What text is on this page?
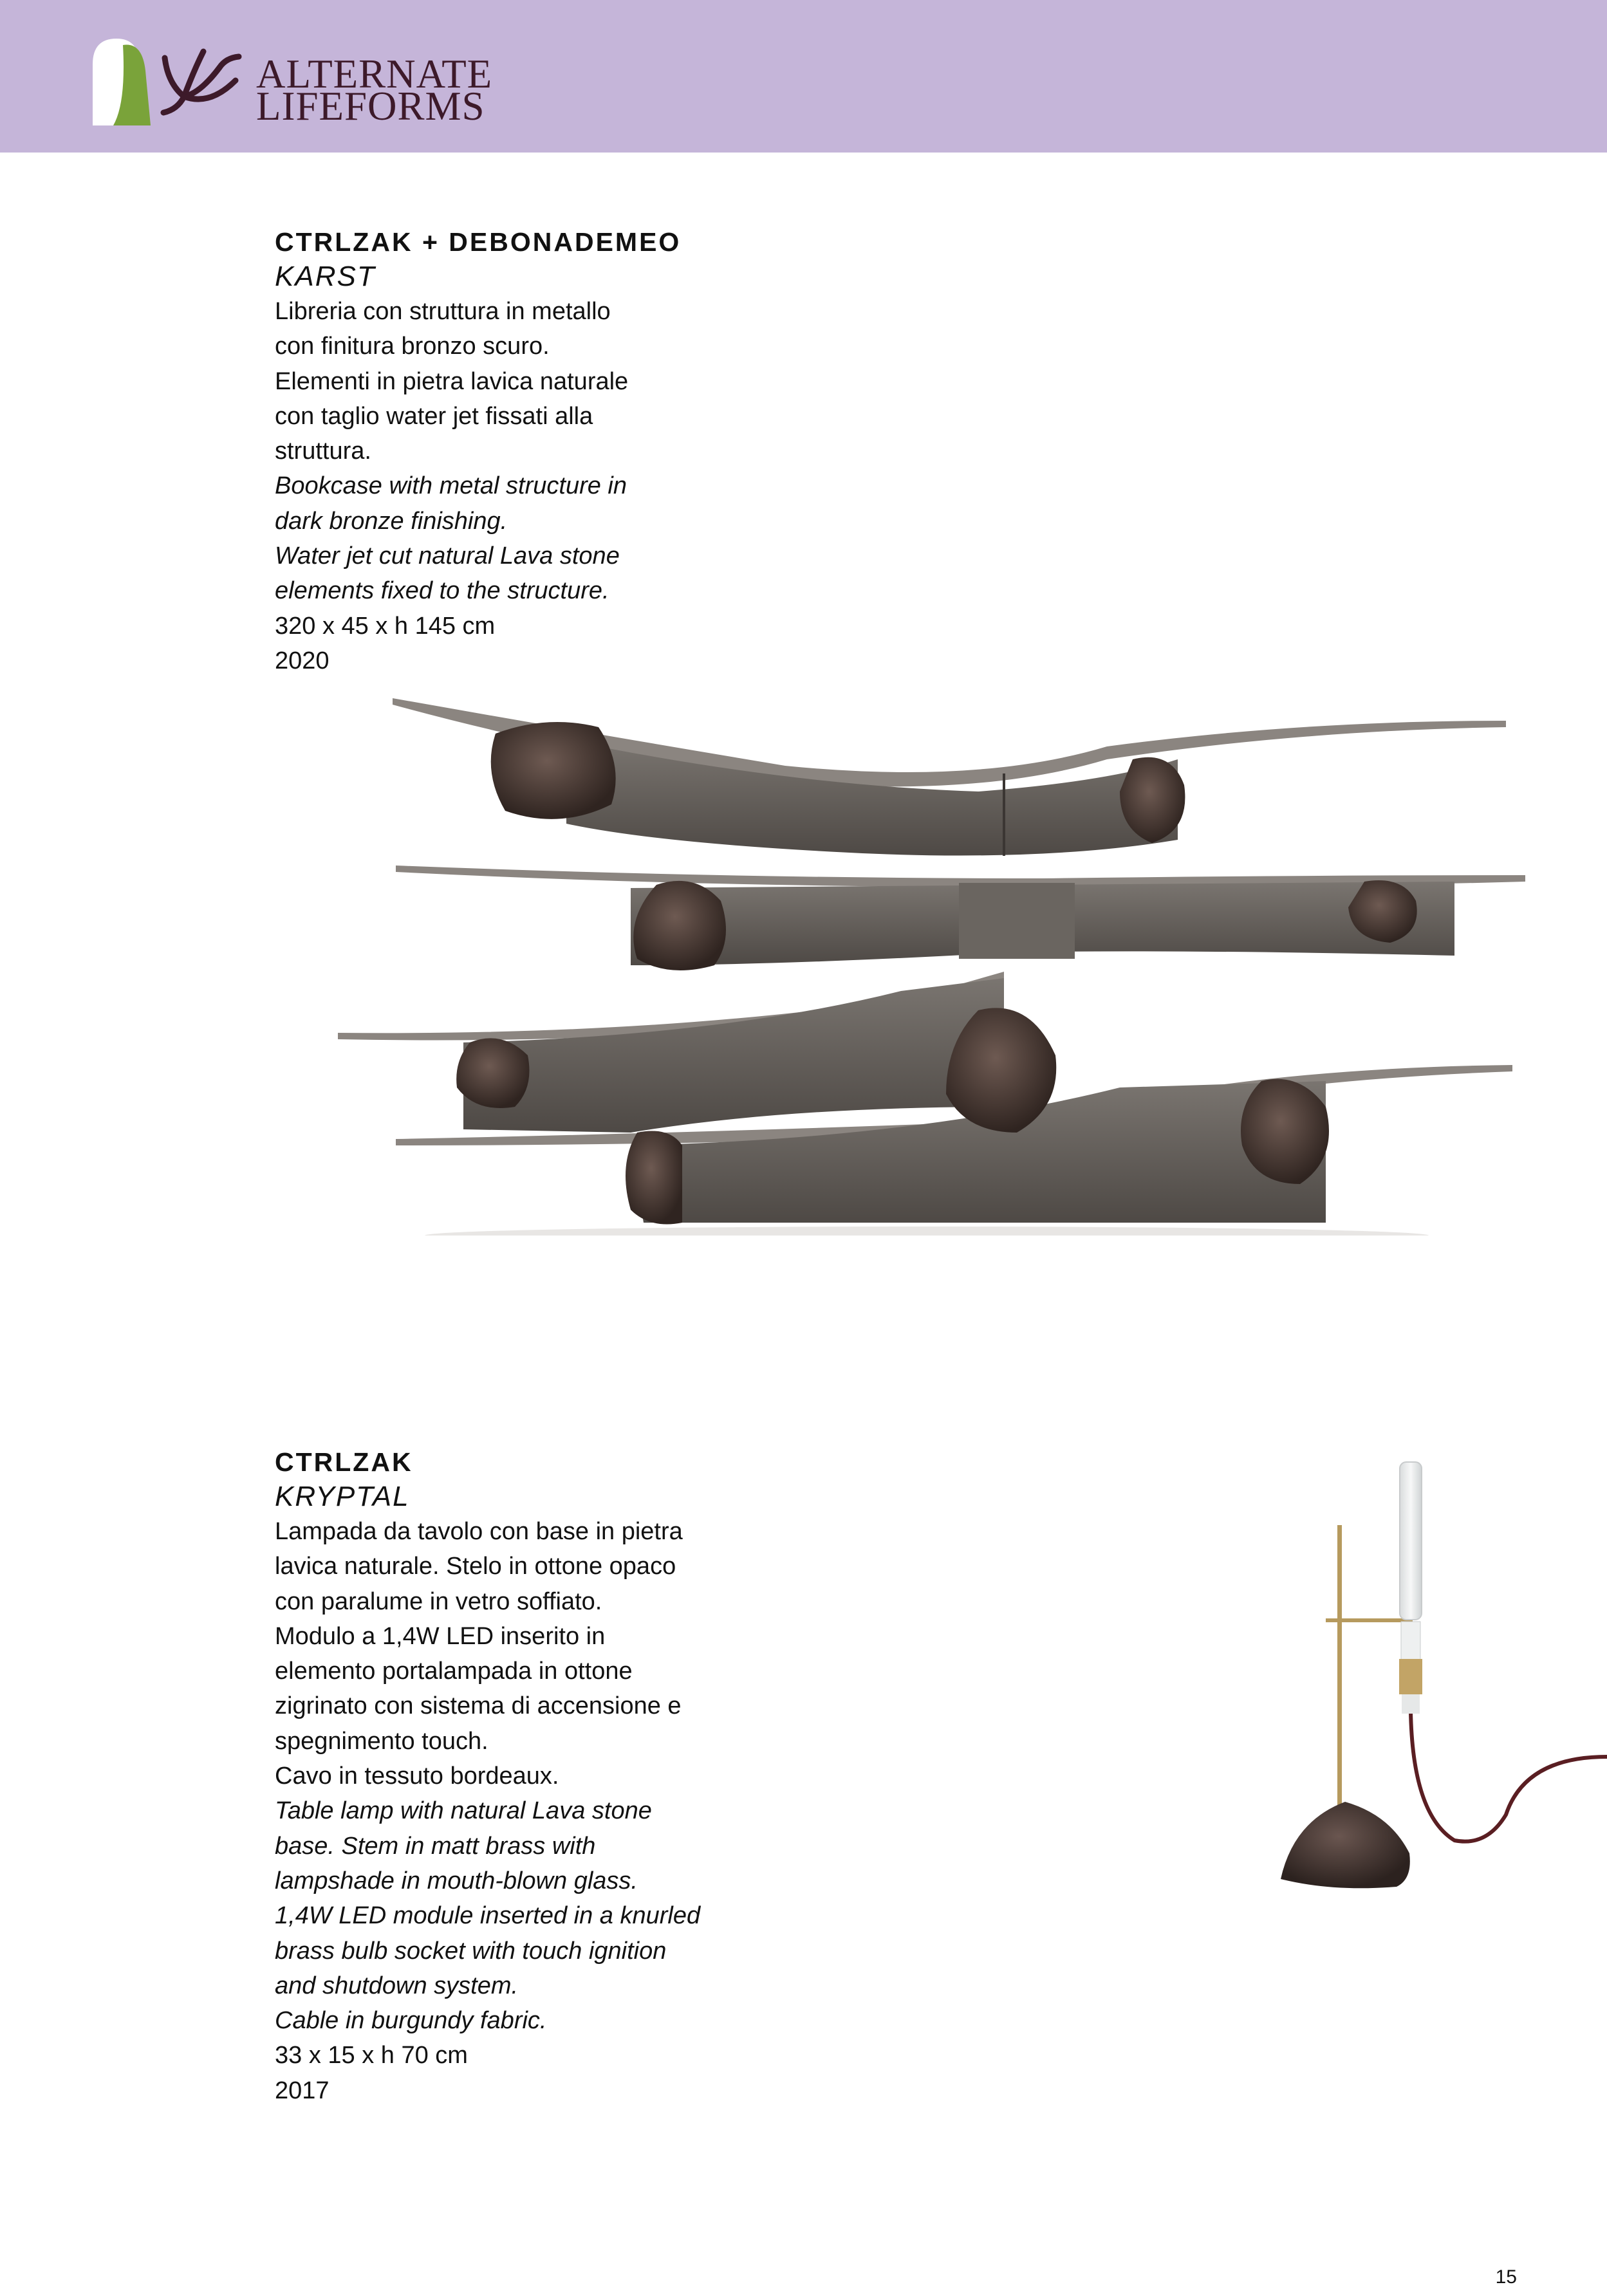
ALTERNATE
LIFEFORMS

CTRLZAK + DEBONADEMEO

KARST

Libreria con struttura in metallo

con finitura bronzo scuro.

Elementi in pietra lavica naturale

con taglio water jet fissati alla

struttura.

Bookcase with metal structure in

dark bronze finishing.

Water jet cut natural Lava stone

elements fixed to the structure.

320 x 45 x h 145 cm

2020

CTRLZAK

KRYPTAL

Lampada da tavolo con base in pietra

lavica naturale. Stelo in ottone opaco

con paralume in vetro soffiato.

Modulo a 1,4W LED inserito in

elemento portalampada in ottone

zigrinato con sistema di accensione e

spegnimento touch.

Cavo in tessuto bordeaux.

Table lamp with natural Lava stone

base. Stem in matt brass with

lampshade in mouth-blown glass.

1,4W LED module inserted in a knurled

brass bulb socket with touch ignition

and shutdown system.

Cable in burgundy fabric.

33 x 15 x h 70 cm

2017

15
